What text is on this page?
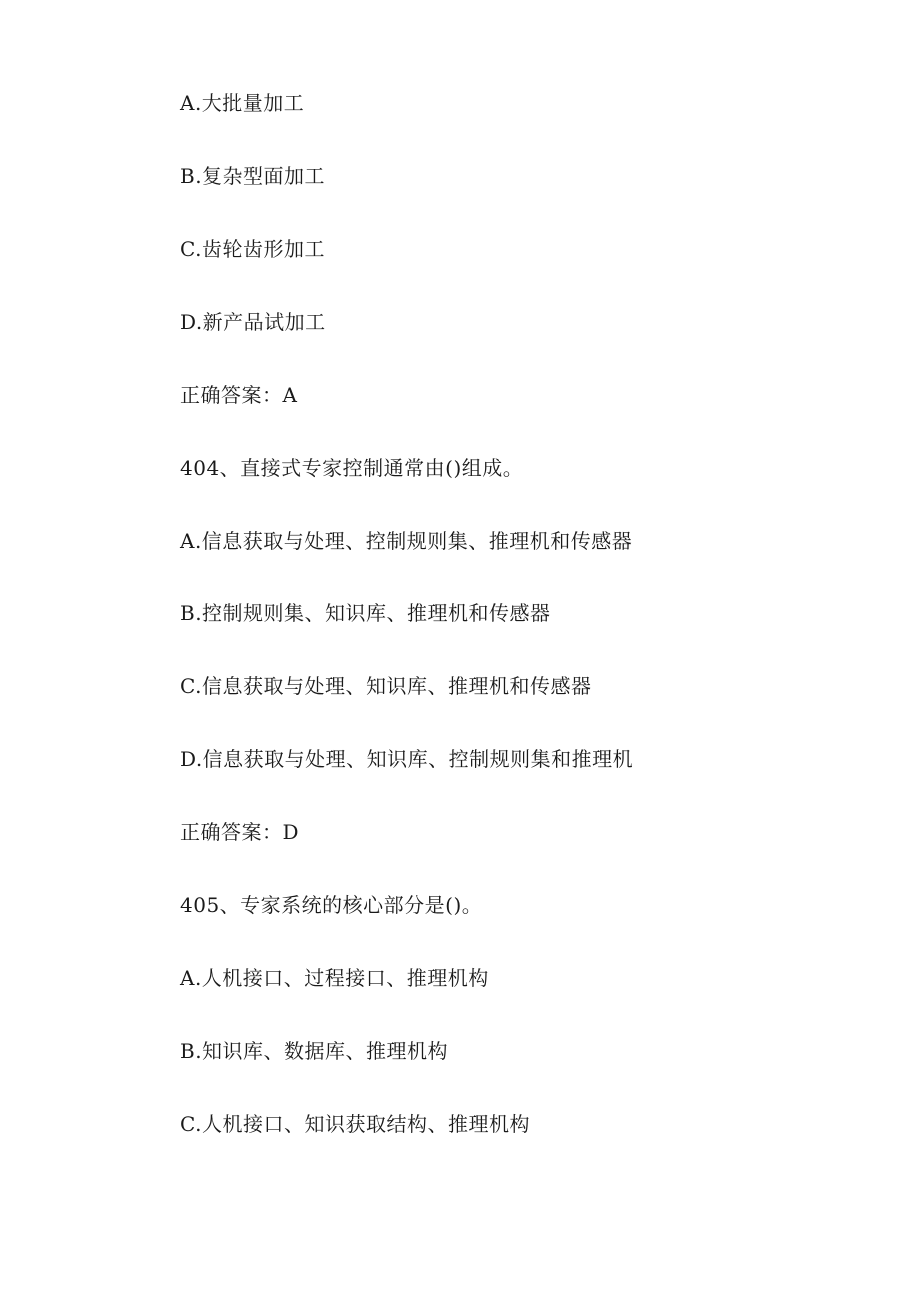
A.大批量加工
B.复杂型面加工
C.齿轮齿形加工
D.新产品试加工
正确答案：A
404、直接式专家控制通常由()组成。
A.信息获取与处理、控制规则集、推理机和传感器
B.控制规则集、知识库、推理机和传感器
C.信息获取与处理、知识库、推理机和传感器
D.信息获取与处理、知识库、控制规则集和推理机
正确答案：D
405、专家系统的核心部分是()。
A.人机接口、过程接口、推理机构
B.知识库、数据库、推理机构
C.人机接口、知识获取结构、推理机构
